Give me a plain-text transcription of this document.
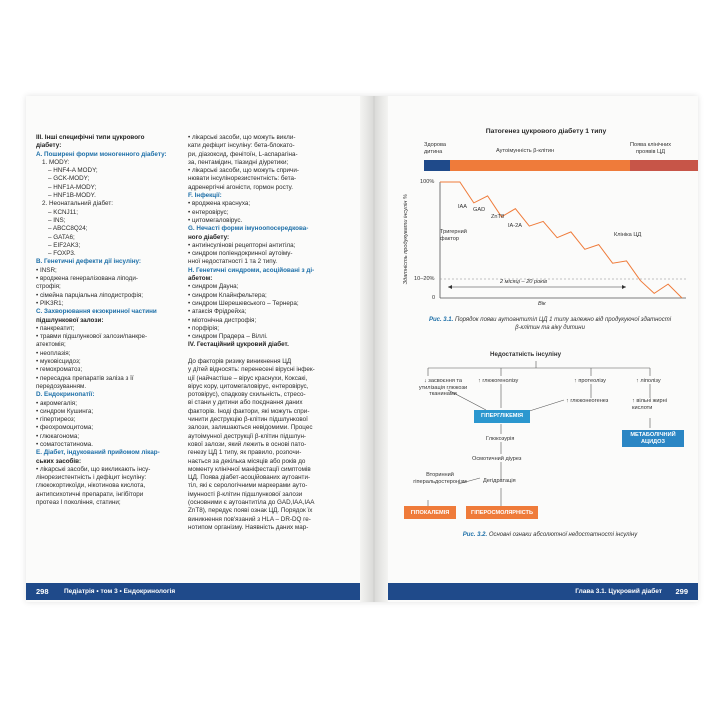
III. Інші специфічні типи цукрового

діабету:

A. Поширені форми моногенного діабету:

1. MODY:

– HNF4-A MODY;

– GCK-MODY;

– HNF1A-MODY;

– HNF1B-MODY.

2. Неонатальний діабет:

– KCNJ11;

– INS;

– ABCC8Q24;

– GATA6;

– EIF2AK3;

– FOXP3.

B. Генетичні дефекти дії інсуліну:

• INSR;

• вроджена генералізована ліподи-

строфія;

• сімейна парціальна ліподистрофія;

• PIK3R1;

C. Захворювання екзокринної частини

підшлункової залози:

• панкреатит;

• травми підшлункової залози/панкре-

атектомія;

• неоплазія;

• муковісцидоз;

• гемохроматоз;

• пересадка препаратів заліза з її

передозуванням.

D. Ендокринопатії:

• акромегалія;

• синдром Кушинга;

• гіпертиреоз;

• феохромоцитома;

• глюкагонома;

• соматостатинома.

E. Діабет, індукований прийомом лікар-

ських засобів:

• лікарські засоби, що викликають інсу-

лінорезистентність і дефіцит інсуліну:

глюкокортикоїди, нікотинова кислота,

антипсихотичні препарати, інгібітори

протеаз І покоління, статини;

• лікарські засоби, що можуть викли-

кати дефіцит інсуліну: бета-блокато-

ри, діазоксид, фенітоїн, L-аспарагіна-

за, пентамідин, тіазидні діуретики;

• лікарські засоби, що можуть спричи-

нювати інсулінорезистентність: бета-

адренергічні агоністи, гормон росту.

F. Інфекції:

• вроджена краснуха;

• ентеровірус;

• цитомегаловірус.

G. Нечасті форми імуноопосередкова-

ного діабету:

• антиінсулінові рецепторні антитіла;

• синдром поліендокринної аутоіму-

нної недостатності 1 та 2 типу.

H. Генетичні синдроми, асоційовані з ді-

абетом:

• синдром Дауна;

• синдром Клайнфельтера;

• синдром Шерешевського – Тернера;

• атаксія Фрідрейха;

• міотонічна дистрофія;

• порфірія;

• синдром Прадера – Віллі.

IV. Гестаційний цукровий діабет.

До факторів ризику виникнення ЦД

у дітей відносять: перенесені вірусні інфек-

ції (найчастіше – вірус краснухи, Коксакі,

вірус кору, цитомегаловірус, ентеровірус,

ротовірус), спадкову схильність, стресо-

ві стани у дитини або поєднання даних

факторів. Іноді фактори, які можуть спри-

чинити деструкцію β-клітин підшлункової

залози, залишаються невідомими. Процес

аутоімунної деструкції β-клітин підшлун-

кової залози, який лежить в основі пато-

генезу ЦД 1 типу, як правило, розпочи-

нається за декілька місяців або років до

моменту клінічної маніфестації симптомів

ЦД. Поява діабет-асоційованих аутоанти-

тіл, які є серологічними маркерами ауто-

імунності β-клітин підшлункової залози

(основними є аутоантитіла до GAD,IAA,IAA

ZnT8), передує появі ознак ЦД. Порядок їх

виникнення пов'язаний з HLA – DR-DQ ге-

нотипом організму. Наявність даних мар-

298 Педіатрія • том 3 • Ендокринологія	Глава 3.1. Цукровий діабет 299
Патогенез цукрового діабету 1 типу
Здорова
дитина	Аутоімунність β-клітин
Поява клінічних
проявів ЦД
100%
10–20%
0
Здатність продукувати інсулін %
Вік
2 місяці – 20 років
IAA GAD
ZnT8
IA-2A
Тригерний
фактор
Клініка ЦД
Рис. 3.1. Порядок появи аутоантитіл ЦД 1 типу залежно від продукуючої здатності
β-клітин та віку дитини
Недостатність інсуліну
↓ засвоєння та
утилізація глюкози
тканинами
↑ глюкогенолізу	↑ протеолізу	↑ ліполізу
ГІПЕРГЛІКЕМІЯ
↑ глюконеогенез	↑ вільні жирні
кислоти
МЕТАБОЛІЧНИЙ
АЦИДОЗ
Глюкозурія
Осмотичний діурез
Дегідратація
Вторинний
гіперальдостеронізм
ГІПОКАЛЕМІЯ	ГІПЕРОСМОЛЯРНІСТЬ
Рис. 3.2. Основні ознаки абсолютної недостатності інсуліну
